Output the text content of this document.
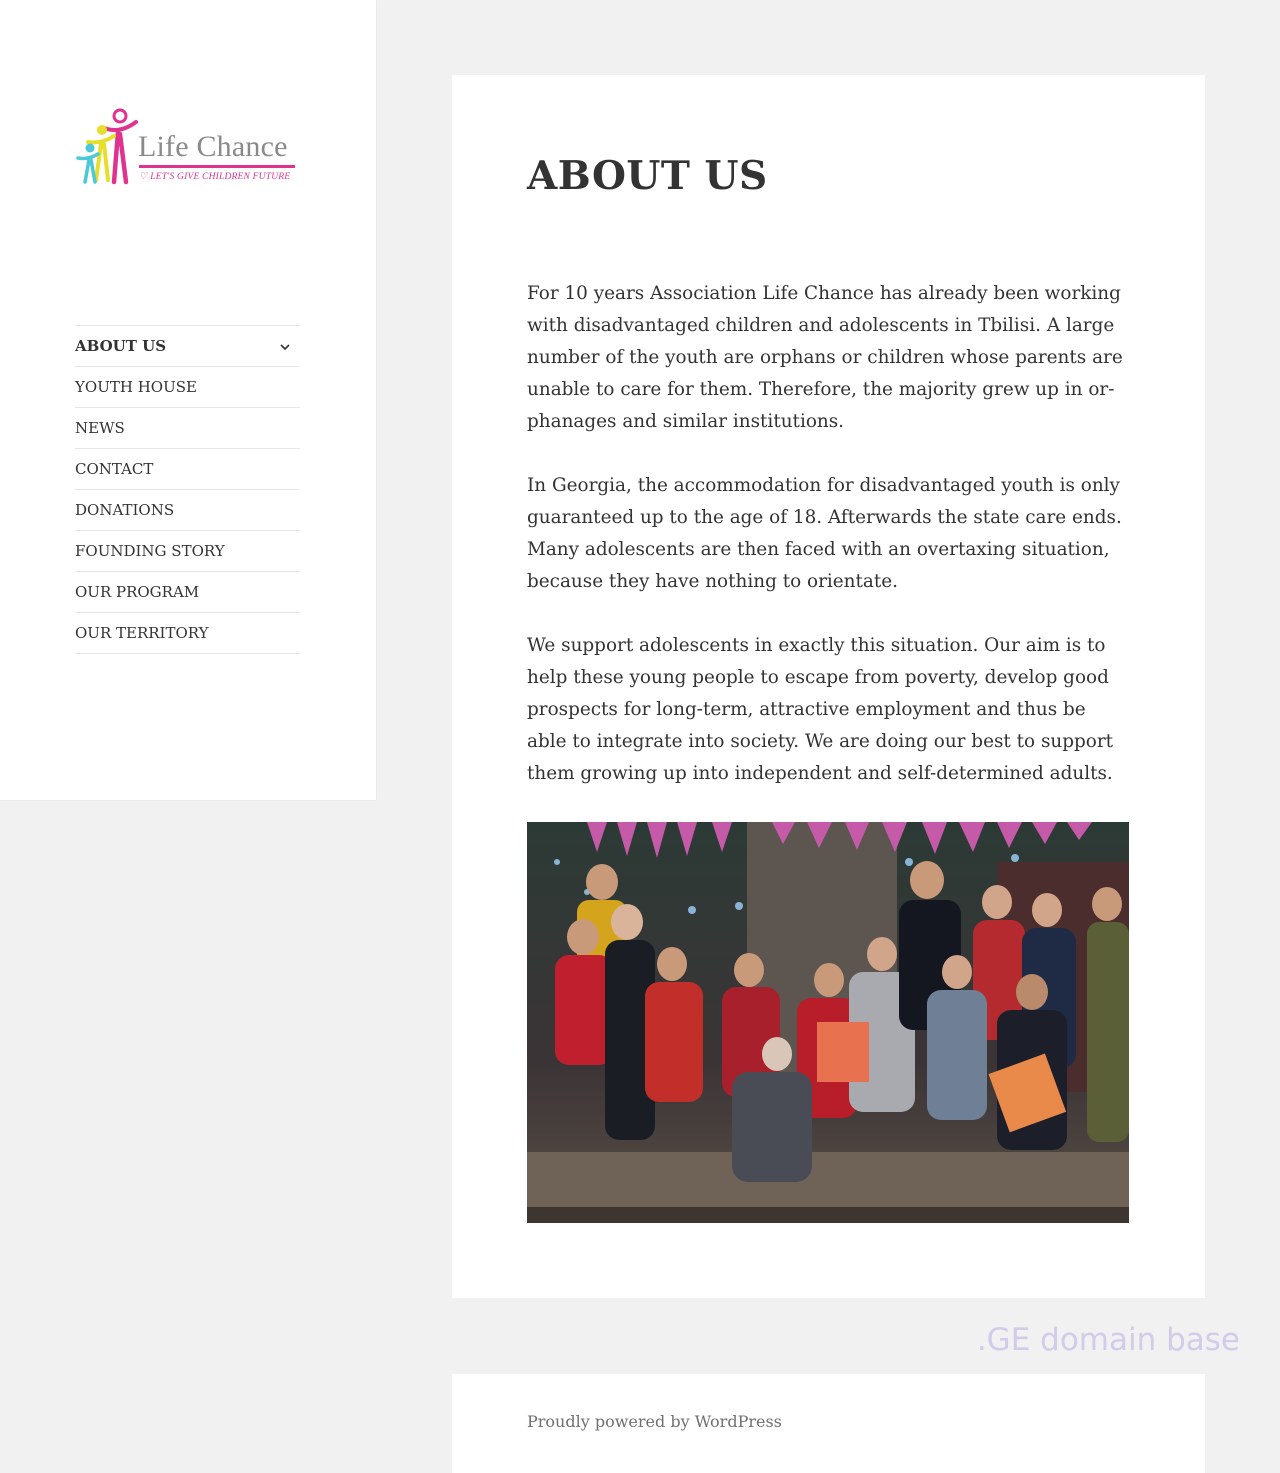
Life Chance
♡ LET'S GIVE CHILDREN FUTURE
ABOUT US
YOUTH HOUSE
NEWS
CONTACT
DONATIONS
FOUNDING STORY
OUR PROGRAM
OUR TERRITORY
ABOUT US

For 10 years Association Life Chance has already been working with disadvantaged children and adolescents in Tbilisi. A large number of the youth are orphans or children whose parents are unable to care for them. Therefore, the majority grew up in orphanages and similar institutions.

In Georgia, the accommodation for disadvantaged youth is only guaranteed up to the age of 18. Afterwards the state care ends. Many adolescents are then faced with an overtaxing situation, because they have nothing to orientate.

We support adolescents in exactly this situation. Our aim is to help these young people to escape from poverty, develop good prospects for long-term, attractive employment and thus be able to integrate into society. We are doing our best to support them growing up into independent and self-determined adults.

.GE domain base
Proudly powered by WordPress
